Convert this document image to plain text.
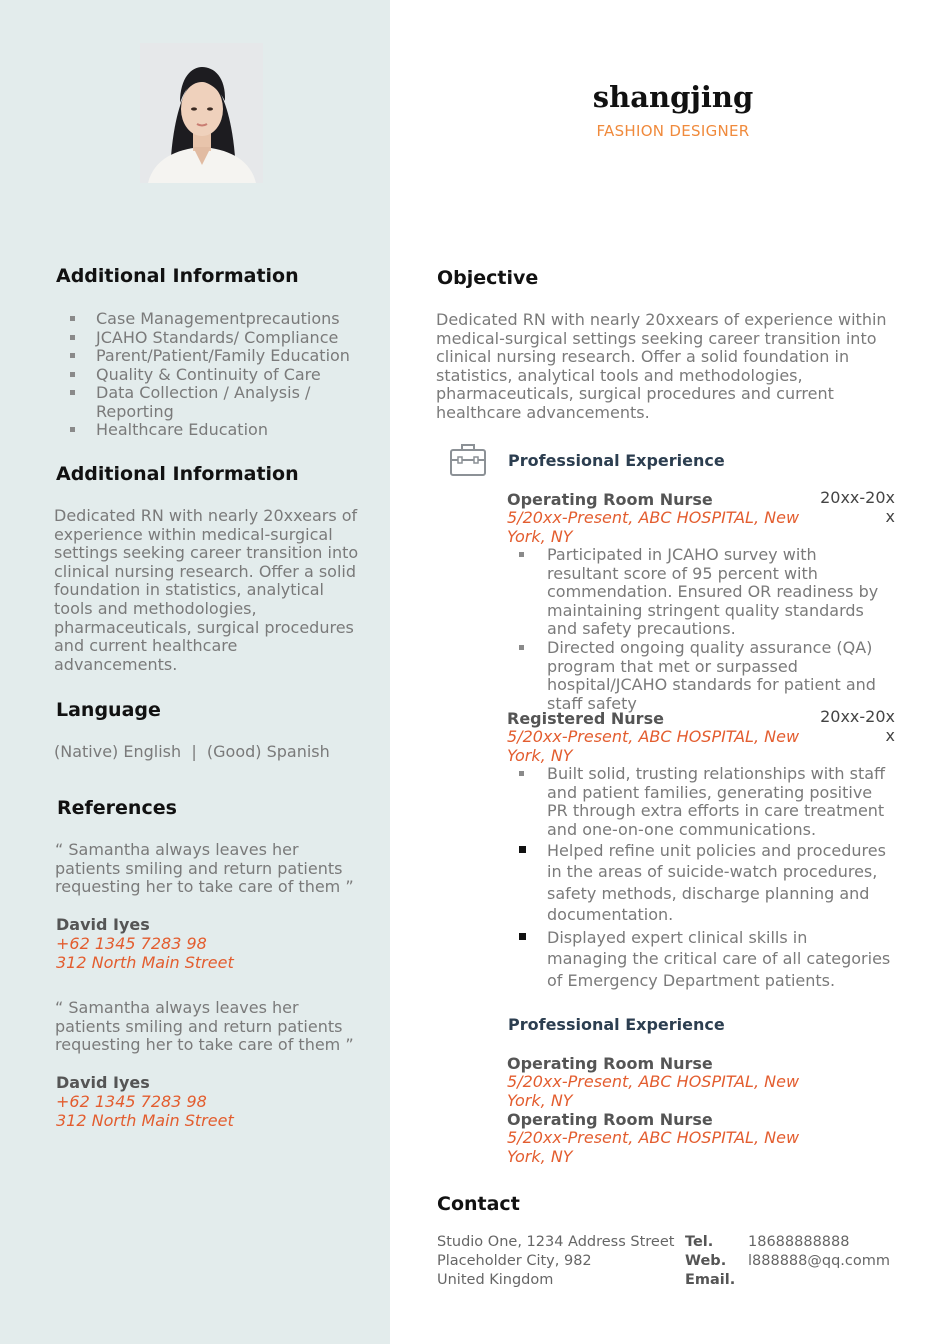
Additional Information
Case Managementprecautions
JCAHO Standards/ Compliance
Parent/Patient/Family Education
Quality & Continuity of Care
Data Collection / Analysis / Reporting
Healthcare Education
Additional Information
Dedicated RN with nearly 20xxears of experience within medical-surgical settings seeking career transition into clinical nursing research. Offer a solid foundation in statistics, analytical tools and methodologies, pharmaceuticals, surgical procedures and current healthcare advancements.
Language
(Native) English  |  (Good) Spanish
References
“ Samantha always leaves her patients smiling and return patients requesting her to take care of them ”
David Iyes
+62 1345 7283 98
312 North Main Street
“ Samantha always leaves her patients smiling and return patients requesting her to take care of them ”
David Iyes
+62 1345 7283 98
312 North Main Street
shangjing
FASHION DESIGNER
Objective
Dedicated RN with nearly 20xxears of experience within medical-surgical settings seeking career transition into clinical nursing research. Offer a solid foundation in statistics, analytical tools and methodologies, pharmaceuticals, surgical procedures and current healthcare advancements.
Professional Experience
Operating Room Nurse	20xx-20xx
5/20xx-Present, ABC HOSPITAL, New York, NY
Participated in JCAHO survey with resultant score of 95 percent with commendation. Ensured OR readiness by maintaining stringent quality standards and safety precautions.
Directed ongoing quality assurance (QA) program that met or surpassed hospital/JCAHO standards for patient and staff safety
Registered Nurse	20xx-20xx
5/20xx-Present, ABC HOSPITAL, New York, NY
Built solid, trusting relationships with staff and patient families, generating positive PR through extra efforts in care treatment and one-on-one communications.
Helped refine unit policies and procedures in the areas of suicide-watch procedures, safety methods, discharge planning and documentation.
Displayed expert clinical skills in managing the critical care of all categories of Emergency Department patients.
Professional Experience
Operating Room Nurse
5/20xx-Present, ABC HOSPITAL, New York, NY
Operating Room Nurse
5/20xx-Present, ABC HOSPITAL, New York, NY
Contact
Studio One, 1234 Address Street
Placeholder City, 982
United Kingdom
Tel.
Web.
Email.
18688888888
l888888@qq.comm
